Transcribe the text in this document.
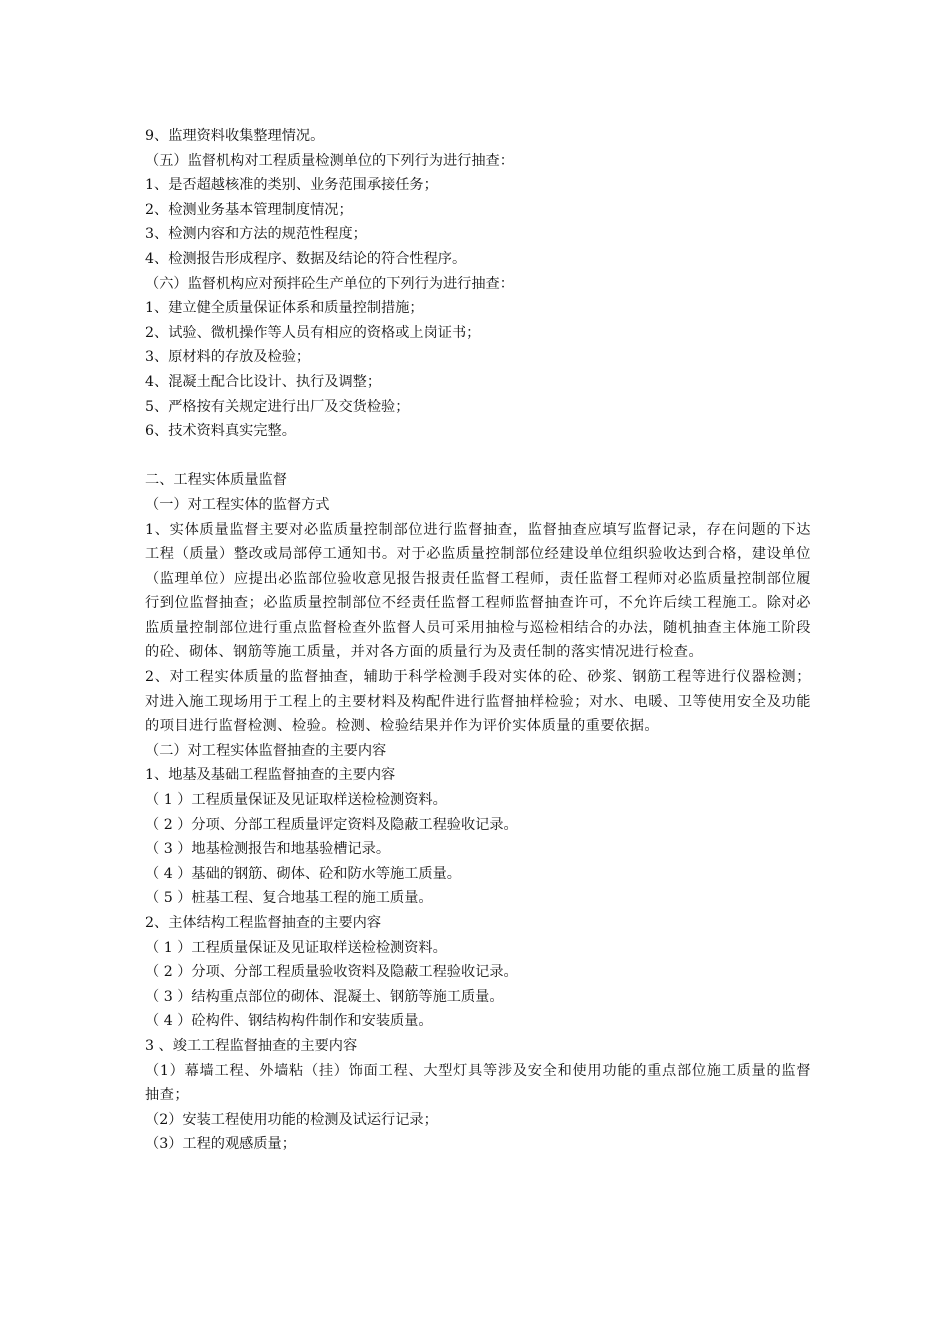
9、监理资料收集整理情况。
（五）监督机构对工程质量检测单位的下列行为进行抽查：
1、是否超越核准的类别、业务范围承接任务；
2、检测业务基本管理制度情况；
3、检测内容和方法的规范性程度；
4、检测报告形成程序、数据及结论的符合性程序。
（六）监督机构应对预拌砼生产单位的下列行为进行抽查：
1、建立健全质量保证体系和质量控制措施；
2、试验、微机操作等人员有相应的资格或上岗证书；
3、原材料的存放及检验；
4、混凝土配合比设计、执行及调整；
5、严格按有关规定进行出厂及交货检验；
6、技术资料真实完整。
二、工程实体质量监督
（一）对工程实体的监督方式
1、实体质量监督主要对必监质量控制部位进行监督抽查，监督抽查应填写监督记录，存在问题的下达工程（质量）整改或局部停工通知书。对于必监质量控制部位经建设单位组织验收达到合格，建设单位（监理单位）应提出必监部位验收意见报告报责任监督工程师，责任监督工程师对必监质量控制部位履行到位监督抽查；必监质量控制部位不经责任监督工程师监督抽查许可，不允许后续工程施工。除对必监质量控制部位进行重点监督检查外监督人员可采用抽检与巡检相结合的办法，随机抽查主体施工阶段的砼、砌体、钢筋等施工质量，并对各方面的质量行为及责任制的落实情况进行检查。
2、对工程实体质量的监督抽查，辅助于科学检测手段对实体的砼、砂浆、钢筋工程等进行仪器检测；对进入施工现场用于工程上的主要材料及构配件进行监督抽样检验；对水、电暖、卫等使用安全及功能的项目进行监督检测、检验。检测、检验结果并作为评价实体质量的重要依据。
（二）对工程实体监督抽查的主要内容
1、地基及基础工程监督抽查的主要内容
（ 1 ）工程质量保证及见证取样送检检测资料。
（ 2 ）分项、分部工程质量评定资料及隐蔽工程验收记录。
（ 3 ）地基检测报告和地基验槽记录。
（ 4 ）基础的钢筋、砌体、砼和防水等施工质量。
（ 5 ）桩基工程、复合地基工程的施工质量。
2、主体结构工程监督抽查的主要内容
（ 1 ）工程质量保证及见证取样送检检测资料。
（ 2 ）分项、分部工程质量验收资料及隐蔽工程验收记录。
（ 3 ）结构重点部位的砌体、混凝土、钢筋等施工质量。
（ 4 ）砼构件、钢结构构件制作和安装质量。
3 、竣工工程监督抽查的主要内容
（1）幕墙工程、外墙粘（挂）饰面工程、大型灯具等涉及安全和使用功能的重点部位施工质量的监督抽查；
（2）安装工程使用功能的检测及试运行记录；
（3）工程的观感质量；
